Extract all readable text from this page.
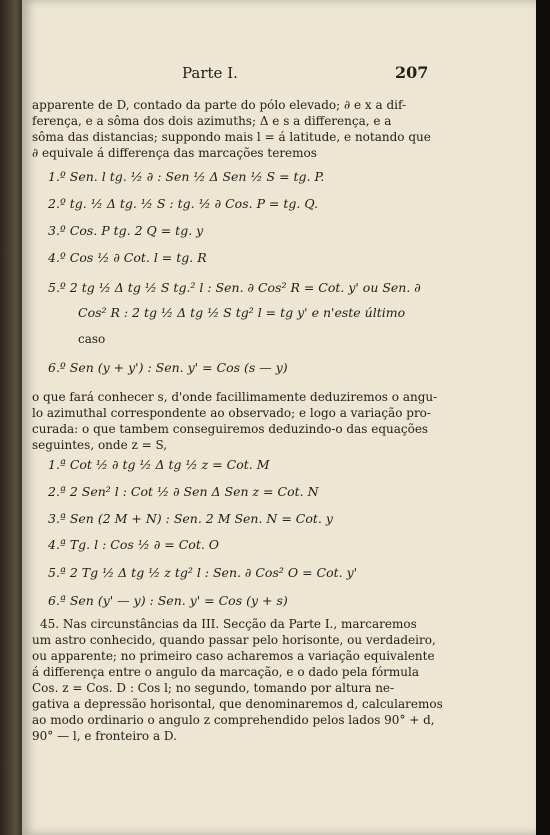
Parte I.	207
apparente de D, contado da parte do pólo elevado; ∂ e x a dif-
ferença, e a sôma dos dois azimuths; Δ e s a differença, e a
sôma das distancias; suppondo mais l = á latitude, e notando que
∂ equivale á differença das marcações teremos
1.º Sen. l tg. ½ ∂ : Sen ½ Δ Sen ½ S = tg. P.
2.º tg. ½ Δ tg. ½ S : tg. ½ ∂ Cos. P = tg. Q.
3.º Cos. P tg. 2 Q = tg. y
4.º Cos ½ ∂ Cot. l = tg. R
5.º 2 tg ½ Δ tg ½ S tg.² l : Sen. ∂ Cos² R = Cot. y' ou Sen. ∂
Cos² R : 2 tg ½ Δ tg ½ S tg² l = tg y' e n'este último
caso
6.º Sen (y + y') : Sen. y' = Cos (s — y)
o que fará conhecer s, d'onde facillimamente deduziremos o angu-
lo azimuthal correspondente ao observado; e logo a variação pro-
curada: o que tambem conseguiremos deduzindo-o das equações
seguintes, onde z = S,
1.ª Cot ½ ∂ tg ½ Δ tg ½ z = Cot. M
2.ª 2 Sen² l : Cot ½ ∂ Sen Δ Sen z = Cot. N
3.ª Sen (2 M + N) : Sen. 2 M Sen. N = Cot. y
4.ª Tg. l : Cos ½ ∂ = Cot. O
5.ª 2 Tg ½ Δ tg ½ z tg² l : Sen. ∂ Cos² O = Cot. y'
6.ª Sen (y' — y) : Sen. y' = Cos (y + s)
45. Nas circunstâncias da III. Secção da Parte I., marcaremos
um astro conhecido, quando passar pelo horisonte, ou verdadeiro,
ou apparente; no primeiro caso acharemos a variação equivalente
á differença entre o angulo da marcação, e o dado pela fórmula
Cos. z = Cos. D : Cos l; no segundo, tomando por altura ne-
gativa a depressão horisontal, que denominaremos d, calcularemos
ao modo ordinario o angulo z comprehendido pelos lados 90° + d,
90° — l, e fronteiro a D.
